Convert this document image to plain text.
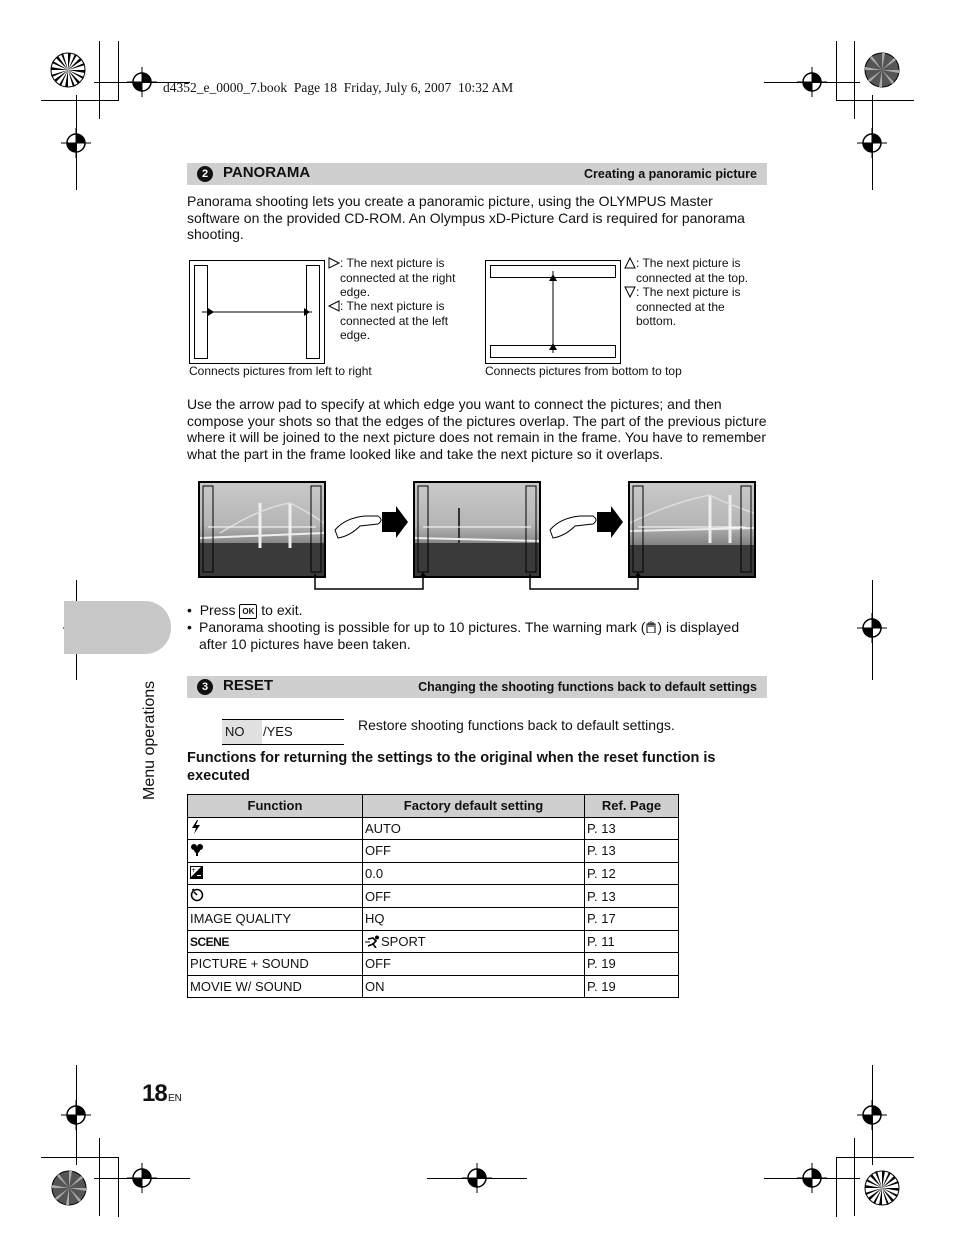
d4352_e_0000_7.book  Page 18  Friday, July 6, 2007  10:32 AM
Menu operations
2 PANORAMA	Creating a panoramic picture
Panorama shooting lets you create a panoramic picture, using the OLYMPUS Master software on the provided CD-ROM. An Olympus xD-Picture Card is required for panorama shooting.
Connects pictures from left to right
: The next picture is connected at the right edge.
: The next picture is connected at the left edge.
Connects pictures from bottom to top
: The next picture is connected at the top.
: The next picture is connected at the bottom.
Use the arrow pad to specify at which edge you want to connect the pictures; and then compose your shots so that the edges of the pictures overlap. The part of the previous picture where it will be joined to the next picture does not remain in the frame. You have to remember what the part in the frame looked like and take the next picture so it overlaps.
•  Press OK to exit.
• Panorama shooting is possible for up to 10 pictures. The warning mark ( ) is displayed after 10 pictures have been taken.
3 RESET	Changing the shooting functions back to default settings
NO /YES	Restore shooting functions back to default settings.
Functions for returning the settings to the original when the reset function is executed
Function	Factory default setting	Ref. Page
	AUTO	P. 13
	OFF	P. 13

+	0.0	P. 12
	OFF	P. 13
IMAGE QUALITY	HQ	P. 17
SCENE	SPORT	P. 11
PICTURE + SOUND	OFF	P. 19
MOVIE W/ SOUND	ON	P. 19
18 EN
